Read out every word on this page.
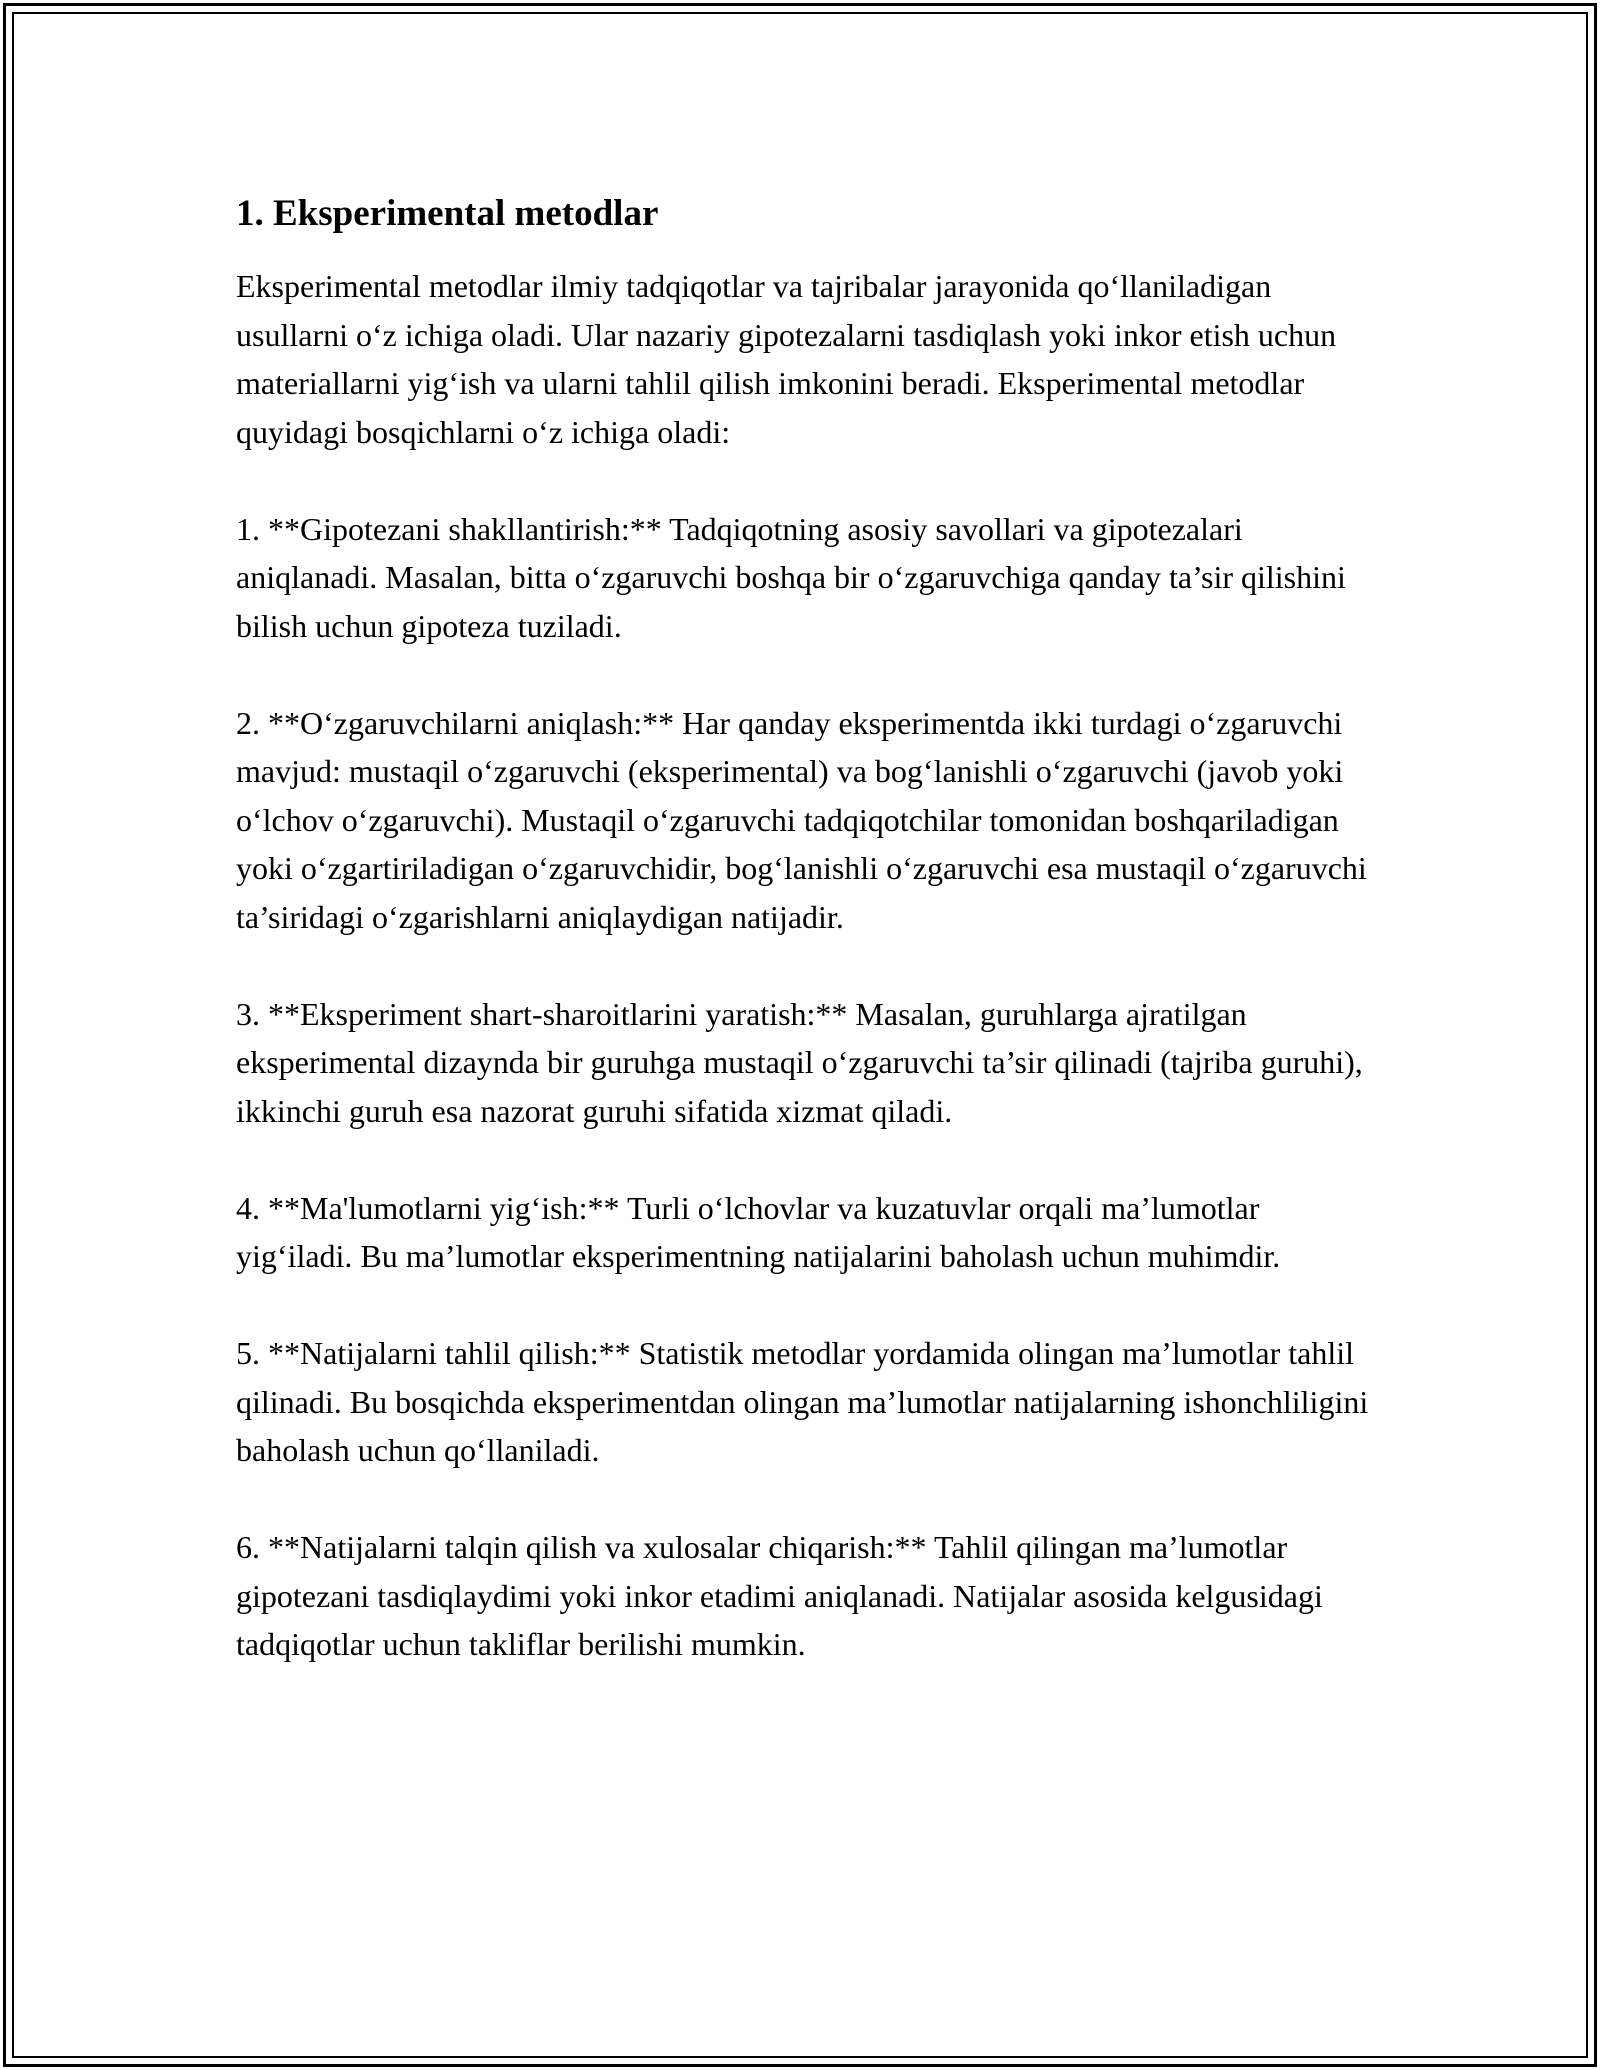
1. Eksperimental metodlar

Eksperimental metodlar ilmiy tadqiqotlar va tajribalar jarayonida qo‘llaniladigan usullarni o‘z ichiga oladi. Ular nazariy gipotezalarni tasdiqlash yoki inkor etish uchun materiallarni yig‘ish va ularni tahlil qilish imkonini beradi. Eksperimental metodlar quyidagi bosqichlarni o‘z ichiga oladi:

1. **Gipotezani shakllantirish:** Tadqiqotning asosiy savollari va gipotezalari aniqlanadi. Masalan, bitta o‘zgaruvchi boshqa bir o‘zgaruvchiga qanday ta’sir qilishini bilish uchun gipoteza tuziladi.

2. **O‘zgaruvchilarni aniqlash:** Har qanday eksperimentda ikki turdagi o‘zgaruvchi mavjud: mustaqil o‘zgaruvchi (eksperimental) va bog‘lanishli o‘zgaruvchi (javob yoki o‘lchov o‘zgaruvchi). Mustaqil o‘zgaruvchi tadqiqotchilar tomonidan boshqariladigan yoki o‘zgartiriladigan o‘zgaruvchidir, bog‘lanishli o‘zgaruvchi esa mustaqil o‘zgaruvchi ta’siridagi o‘zgarishlarni aniqlaydigan natijadir.

3. **Eksperiment shart-sharoitlarini yaratish:** Masalan, guruhlarga ajratilgan eksperimental dizaynda bir guruhga mustaqil o‘zgaruvchi ta’sir qilinadi (tajriba guruhi), ikkinchi guruh esa nazorat guruhi sifatida xizmat qiladi.

4. **Ma'lumotlarni yig‘ish:** Turli o‘lchovlar va kuzatuvlar orqali ma’lumotlar yig‘iladi. Bu ma’lumotlar eksperimentning natijalarini baholash uchun muhimdir.

5. **Natijalarni tahlil qilish:** Statistik metodlar yordamida olingan ma’lumotlar tahlil qilinadi. Bu bosqichda eksperimentdan olingan ma’lumotlar natijalarning ishonchliligini baholash uchun qo‘llaniladi.

6. **Natijalarni talqin qilish va xulosalar chiqarish:** Tahlil qilingan ma’lumotlar gipotezani tasdiqlaydimi yoki inkor etadimi aniqlanadi. Natijalar asosida kelgusidagi tadqiqotlar uchun takliflar berilishi mumkin.
